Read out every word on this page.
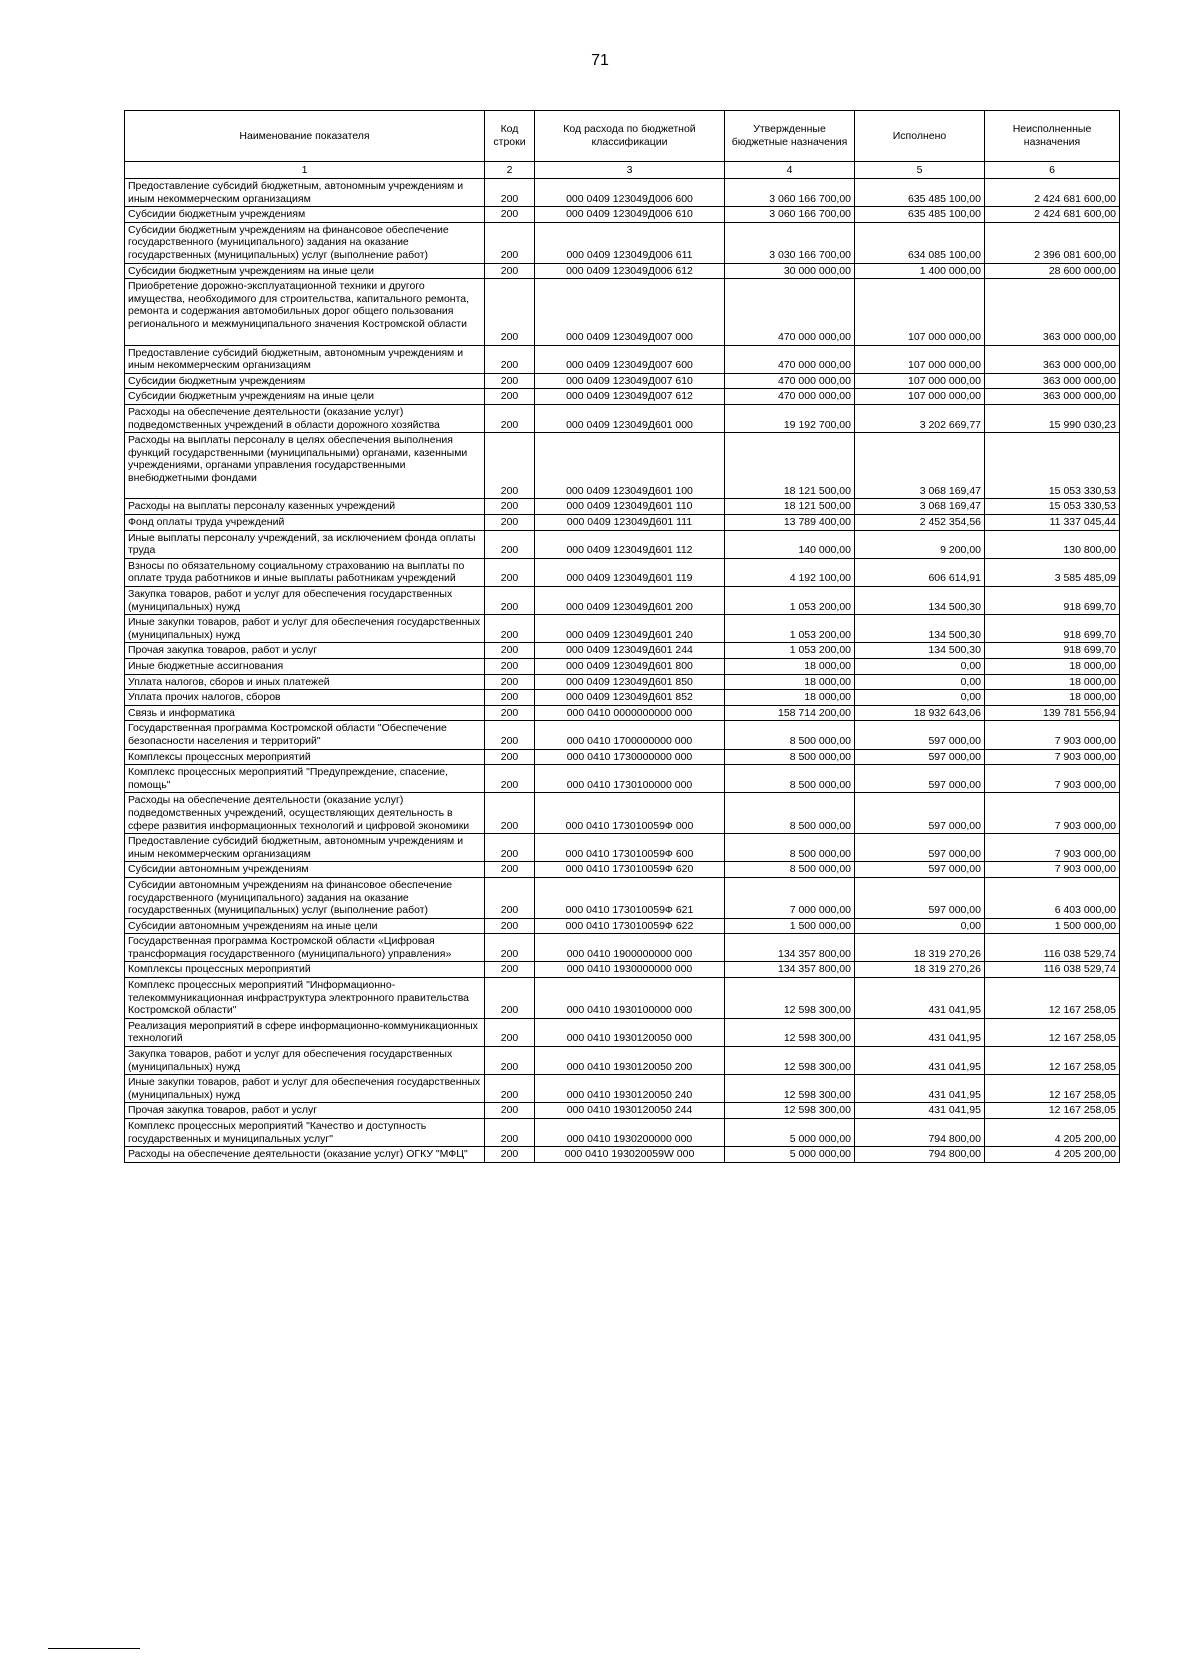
71
Наименование показателя	Код строки	Код расхода по бюджетной классификации	Утвержденные бюджетные назначения	Исполнено	Неисполненные назначения
1	2	3	4	5	6
Предоставление субсидий бюджетным, автономным учреждениям и иным некоммерческим организациям	200	000 0409 123049Д006 600	3 060 166 700,00	635 485 100,00	2 424 681 600,00
Субсидии бюджетным учреждениям	200	000 0409 123049Д006 610	3 060 166 700,00	635 485 100,00	2 424 681 600,00
Субсидии бюджетным учреждениям на финансовое обеспечение государственного (муниципального) задания на оказание государственных (муниципальных) услуг (выполнение работ)	200	000 0409 123049Д006 611	3 030 166 700,00	634 085 100,00	2 396 081 600,00
Субсидии бюджетным учреждениям на иные цели	200	000 0409 123049Д006 612	30 000 000,00	1 400 000,00	28 600 000,00
Приобретение дорожно-эксплуатационной техники и другого имущества, необходимого для строительства, капитального ремонта, ремонта и содержания автомобильных дорог общего пользования регионального и межмуниципального значения Костромской области	200	000 0409 123049Д007 000	470 000 000,00	107 000 000,00	363 000 000,00
Предоставление субсидий бюджетным, автономным учреждениям и иным некоммерческим организациям	200	000 0409 123049Д007 600	470 000 000,00	107 000 000,00	363 000 000,00
Субсидии бюджетным учреждениям	200	000 0409 123049Д007 610	470 000 000,00	107 000 000,00	363 000 000,00
Субсидии бюджетным учреждениям на иные цели	200	000 0409 123049Д007 612	470 000 000,00	107 000 000,00	363 000 000,00
Расходы на обеспечение деятельности (оказание услуг) подведомственных учреждений в области дорожного хозяйства	200	000 0409 123049Д601 000	19 192 700,00	3 202 669,77	15 990 030,23
Расходы на выплаты персоналу в целях обеспечения выполнения функций государственными (муниципальными) органами, казенными учреждениями, органами управления государственными внебюджетными фондами	200	000 0409 123049Д601 100	18 121 500,00	3 068 169,47	15 053 330,53
Расходы на выплаты персоналу казенных учреждений	200	000 0409 123049Д601 110	18 121 500,00	3 068 169,47	15 053 330,53
Фонд оплаты труда учреждений	200	000 0409 123049Д601 111	13 789 400,00	2 452 354,56	11 337 045,44
Иные выплаты персоналу учреждений, за исключением фонда оплаты труда	200	000 0409 123049Д601 112	140 000,00	9 200,00	130 800,00
Взносы по обязательному социальному страхованию на выплаты по оплате труда работников и иные выплаты работникам учреждений	200	000 0409 123049Д601 119	4 192 100,00	606 614,91	3 585 485,09
Закупка товаров, работ и услуг для обеспечения государственных (муниципальных) нужд	200	000 0409 123049Д601 200	1 053 200,00	134 500,30	918 699,70
Иные закупки товаров, работ и услуг для обеспечения государственных (муниципальных) нужд	200	000 0409 123049Д601 240	1 053 200,00	134 500,30	918 699,70
Прочая закупка товаров, работ и услуг	200	000 0409 123049Д601 244	1 053 200,00	134 500,30	918 699,70
Иные бюджетные ассигнования	200	000 0409 123049Д601 800	18 000,00	0,00	18 000,00
Уплата налогов, сборов и иных платежей	200	000 0409 123049Д601 850	18 000,00	0,00	18 000,00
Уплата прочих налогов, сборов	200	000 0409 123049Д601 852	18 000,00	0,00	18 000,00
Связь и информатика	200	000 0410 0000000000 000	158 714 200,00	18 932 643,06	139 781 556,94
Государственная программа Костромской области "Обеспечение безопасности населения и территорий"	200	000 0410 1700000000 000	8 500 000,00	597 000,00	7 903 000,00
Комплексы процессных мероприятий	200	000 0410 1730000000 000	8 500 000,00	597 000,00	7 903 000,00
Комплекс процессных мероприятий "Предупреждение, спасение, помощь"	200	000 0410 1730100000 000	8 500 000,00	597 000,00	7 903 000,00
Расходы на обеспечение деятельности (оказание услуг) подведомственных учреждений, осуществляющих деятельность в сфере развития информационных технологий и цифровой экономики	200	000 0410 173010059Ф 000	8 500 000,00	597 000,00	7 903 000,00
Предоставление субсидий бюджетным, автономным учреждениям и иным некоммерческим организациям	200	000 0410 173010059Ф 600	8 500 000,00	597 000,00	7 903 000,00
Субсидии автономным учреждениям	200	000 0410 173010059Ф 620	8 500 000,00	597 000,00	7 903 000,00
Субсидии автономным учреждениям на финансовое обеспечение государственного (муниципального) задания на оказание государственных (муниципальных) услуг (выполнение работ)	200	000 0410 173010059Ф 621	7 000 000,00	597 000,00	6 403 000,00
Субсидии автономным учреждениям на иные цели	200	000 0410 173010059Ф 622	1 500 000,00	0,00	1 500 000,00
Государственная программа Костромской области «Цифровая трансформация государственного (муниципального) управления»	200	000 0410 1900000000 000	134 357 800,00	18 319 270,26	116 038 529,74
Комплексы процессных мероприятий	200	000 0410 1930000000 000	134 357 800,00	18 319 270,26	116 038 529,74
Комплекс процессных мероприятий "Информационно-телекоммуникационная инфраструктура электронного правительства Костромской области"	200	000 0410 1930100000 000	12 598 300,00	431 041,95	12 167 258,05
Реализация мероприятий в сфере информационно-коммуникационных технологий	200	000 0410 1930120050 000	12 598 300,00	431 041,95	12 167 258,05
Закупка товаров, работ и услуг для обеспечения государственных (муниципальных) нужд	200	000 0410 1930120050 200	12 598 300,00	431 041,95	12 167 258,05
Иные закупки товаров, работ и услуг для обеспечения государственных (муниципальных) нужд	200	000 0410 1930120050 240	12 598 300,00	431 041,95	12 167 258,05
Прочая закупка товаров, работ и услуг	200	000 0410 1930120050 244	12 598 300,00	431 041,95	12 167 258,05
Комплекс процессных мероприятий "Качество и доступность государственных и муниципальных услуг"	200	000 0410 1930200000 000	5 000 000,00	794 800,00	4 205 200,00
Расходы на обеспечение деятельности (оказание услуг) ОГКУ "МФЦ"	200	000 0410 193020059W 000	5 000 000,00	794 800,00	4 205 200,00
